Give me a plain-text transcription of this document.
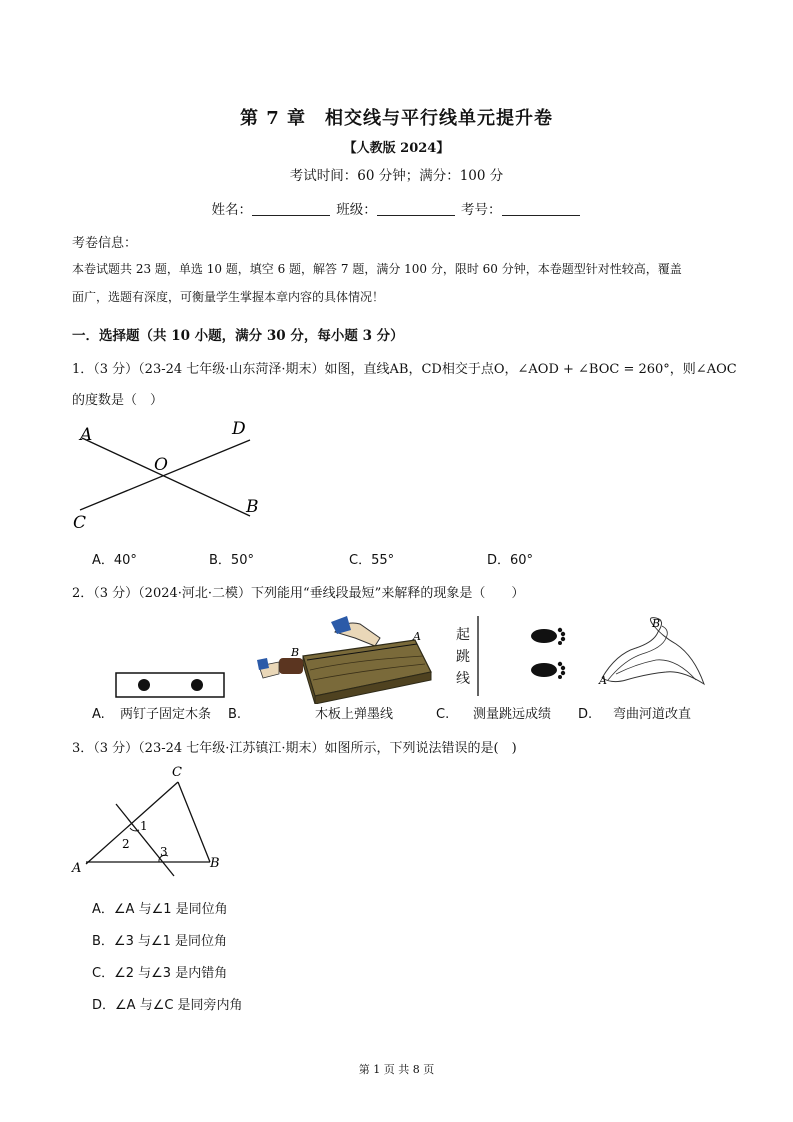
第 7 章　相交线与平行线单元提升卷
【人教版 2024】
考试时间：60 分钟；满分：100 分
姓名：	班级：	考号：
考卷信息：
本卷试题共 23 题，单选 10 题，填空 6 题，解答 7 题，满分 100 分，限时 60 分钟，本卷题型针对性较高，覆盖
面广，选题有深度，可衡量学生掌握本章内容的具体情况！
一．选择题（共 10 小题，满分 30 分，每小题 3 分）
1．（3 分）（23-24 七年级·山东菏泽·期末）如图，直线AB，CD相交于点O，∠AOD + ∠BOC = 260°，则∠AOC
的度数是（　）
A	D
O
B
C
A．40°	B．50°	C．55°	D．60°
2．（3 分）（2024·河北·二模）下列能用“垂线段最短”来解释的现象是（　　）
B
A	起跳线
B
A
A. 两钉子固定木条 B.	木板上弹墨线	C. 测量跳远成绩 D. 弯曲河道改直
3．（3 分）（23-24 七年级·江苏镇江·期末）如图所示，下列说法错误的是(　)
C
1
2
3
A	B
A．∠A 与∠1 是同位角
B．∠3 与∠1 是同位角
C．∠2 与∠3 是内错角
D．∠A 与∠C 是同旁内角
第 1 页 共 8 页
